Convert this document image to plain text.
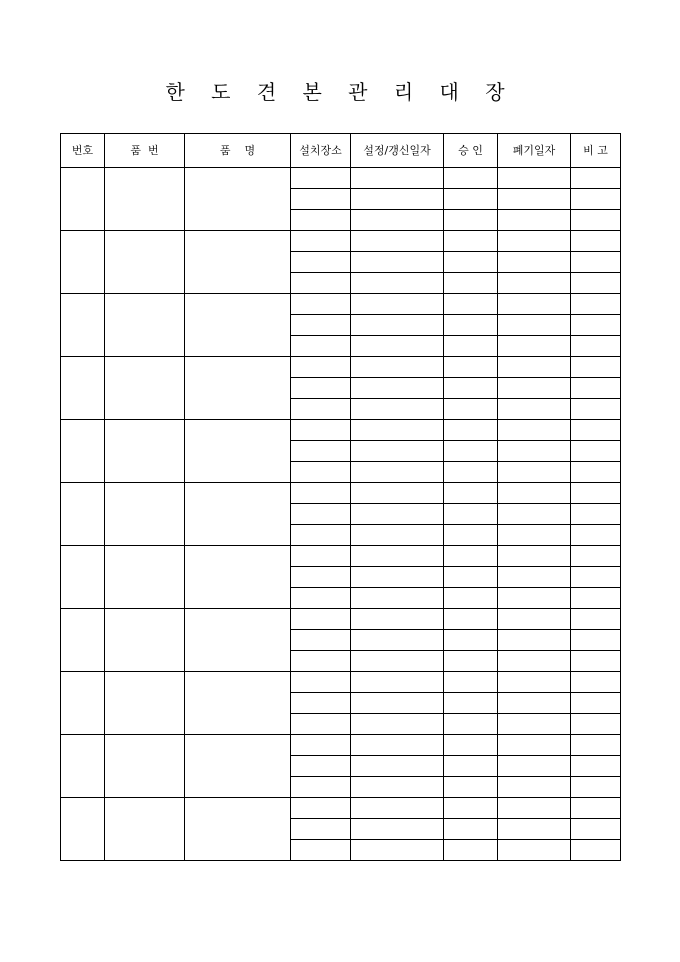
한 도 견 본 관 리 대 장
번호	품  번	품    명	설치장소	설정/갱신일자	승 인	폐기일자	비 고
